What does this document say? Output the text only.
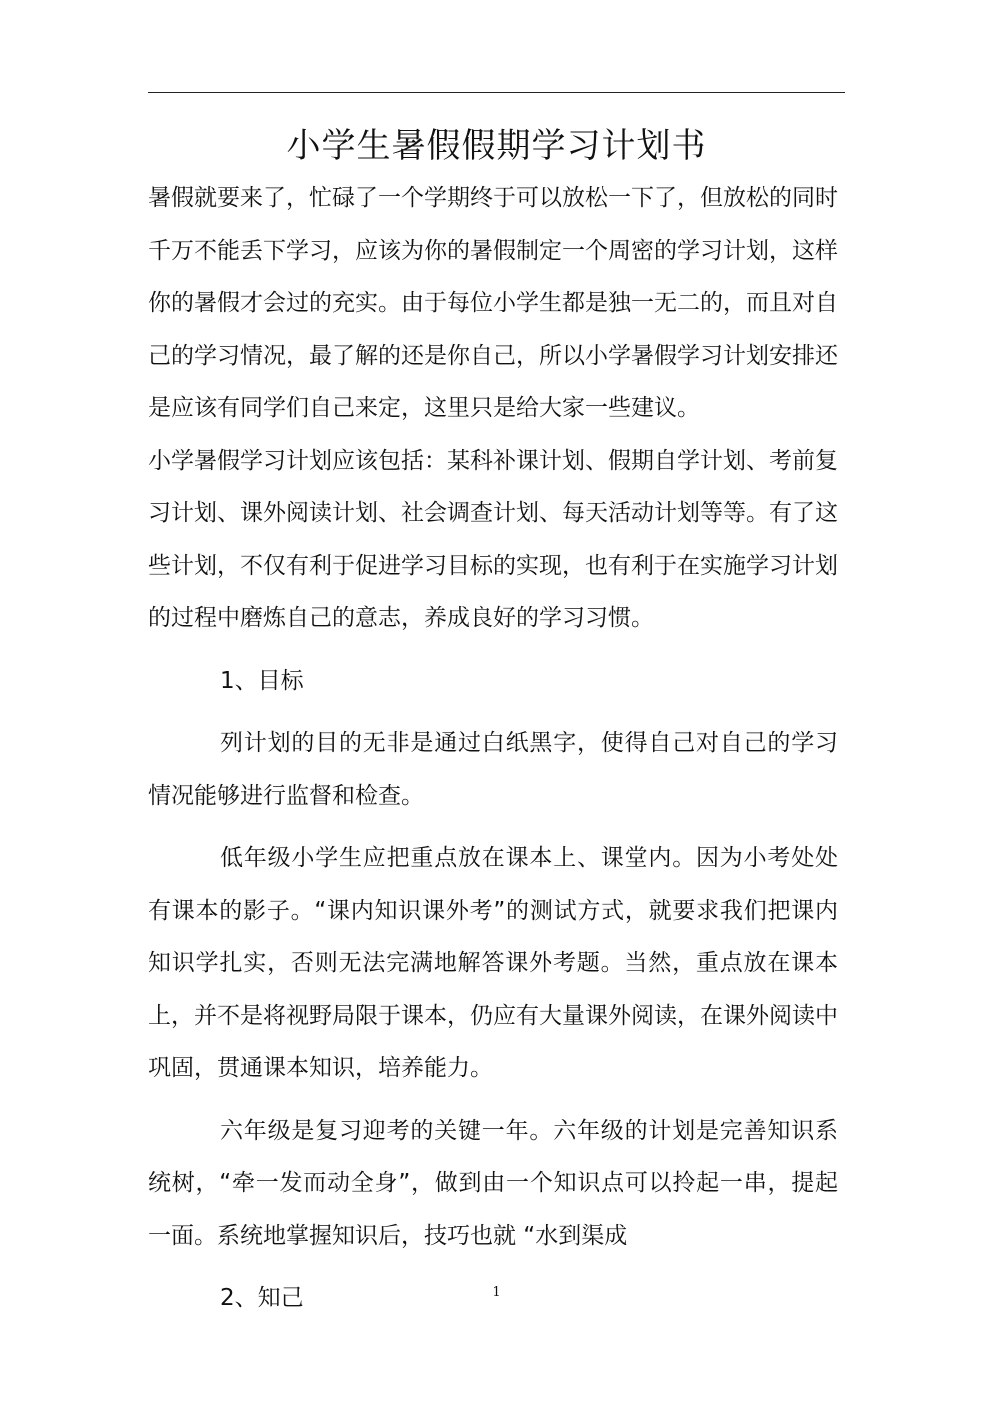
小学生暑假假期学习计划书

暑假就要来了，忙碌了一个学期终于可以放松一下了，但放松的同时千万不能丢下学习，应该为你的暑假制定一个周密的学习计划，这样你的暑假才会过的充实。由于每位小学生都是独一无二的，而且对自己的学习情况，最了解的还是你自己，所以小学暑假学习计划安排还是应该有同学们自己来定，这里只是给大家一些建议。

小学暑假学习计划应该包括：某科补课计划、假期自学计划、考前复习计划、课外阅读计划、社会调查计划、每天活动计划等等。有了这些计划，不仅有利于促进学习目标的实现，也有利于在实施学习计划的过程中磨炼自己的意志，养成良好的学习习惯。

1、目标

列计划的目的无非是通过白纸黑字，使得自己对自己的学习情况能够进行监督和检查。

低年级小学生应把重点放在课本上、课堂内。因为小考处处有课本的影子。“课内知识课外考”的测试方式，就要求我们把课内知识学扎实，否则无法完满地解答课外考题。当然，重点放在课本上，并不是将视野局限于课本，仍应有大量课外阅读，在课外阅读中巩固，贯通课本知识，培养能力。

六年级是复习迎考的关键一年。六年级的计划是完善知识系统树，“牵一发而动全身”，做到由一个知识点可以拎起一串，提起一面。系统地掌握知识后，技巧也就 “水到渠成

2、知己	1
